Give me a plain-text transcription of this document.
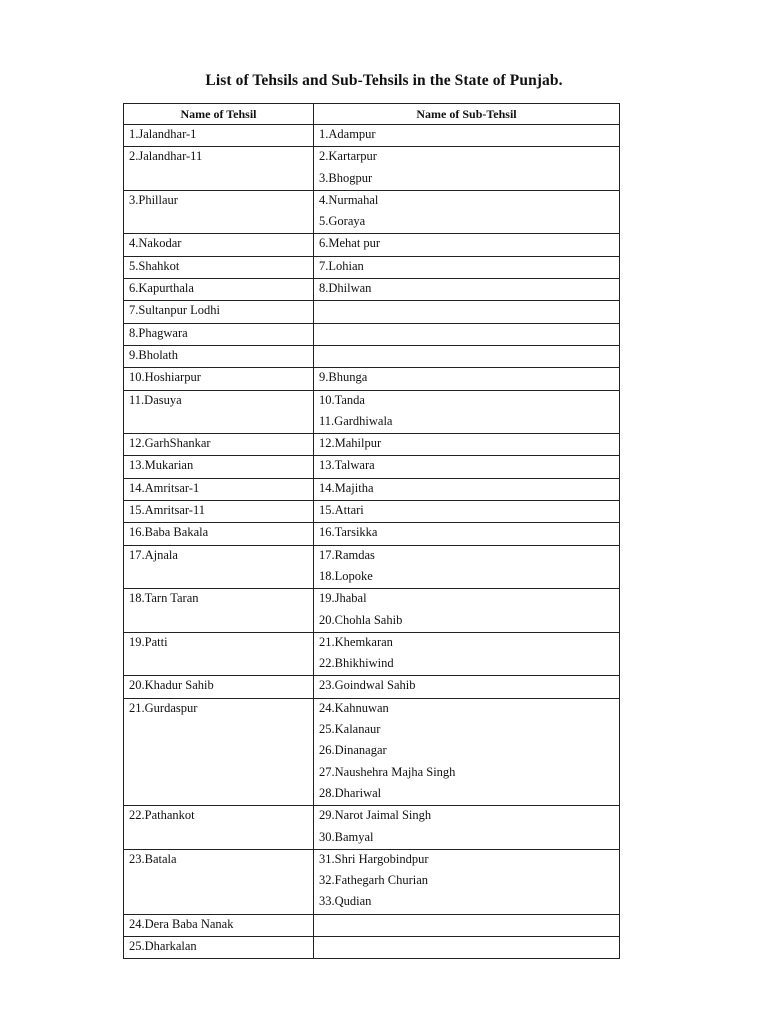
List of Tehsils and Sub-Tehsils in the State of Punjab.
Name of Tehsil	Name of Sub-Tehsil

1.Jalandhar-1	1.Adampur

2.Jalandhar-11	2.Kartarpur
3.Bhogpur

3.Phillaur	4.Nurmahal
5.Goraya

4.Nakodar	6.Mehat pur

5.Shahkot	7.Lohian

6.Kapurthala	8.Dhilwan

7.Sultanpur Lodhi	

8.Phagwara	

9.Bholath	

10.Hoshiarpur	9.Bhunga

11.Dasuya	10.Tanda
11.Gardhiwala

12.GarhShankar	12.Mahilpur

13.Mukarian	13.Talwara

14.Amritsar-1	14.Majitha

15.Amritsar-11	15.Attari

16.Baba Bakala	16.Tarsikka

17.Ajnala	17.Ramdas
18.Lopoke

18.Tarn Taran	19.Jhabal
20.Chohla Sahib

19.Patti	21.Khemkaran
22.Bhikhiwind

20.Khadur Sahib	23.Goindwal Sahib

21.Gurdaspur	24.Kahnuwan
25.Kalanaur
26.Dinanagar
27.Naushehra Majha Singh
28.Dhariwal

22.Pathankot	29.Narot Jaimal Singh
30.Bamyal

23.Batala	31.Shri Hargobindpur
32.Fathegarh Churian
33.Qudian

24.Dera Baba Nanak	

25.Dharkalan	
